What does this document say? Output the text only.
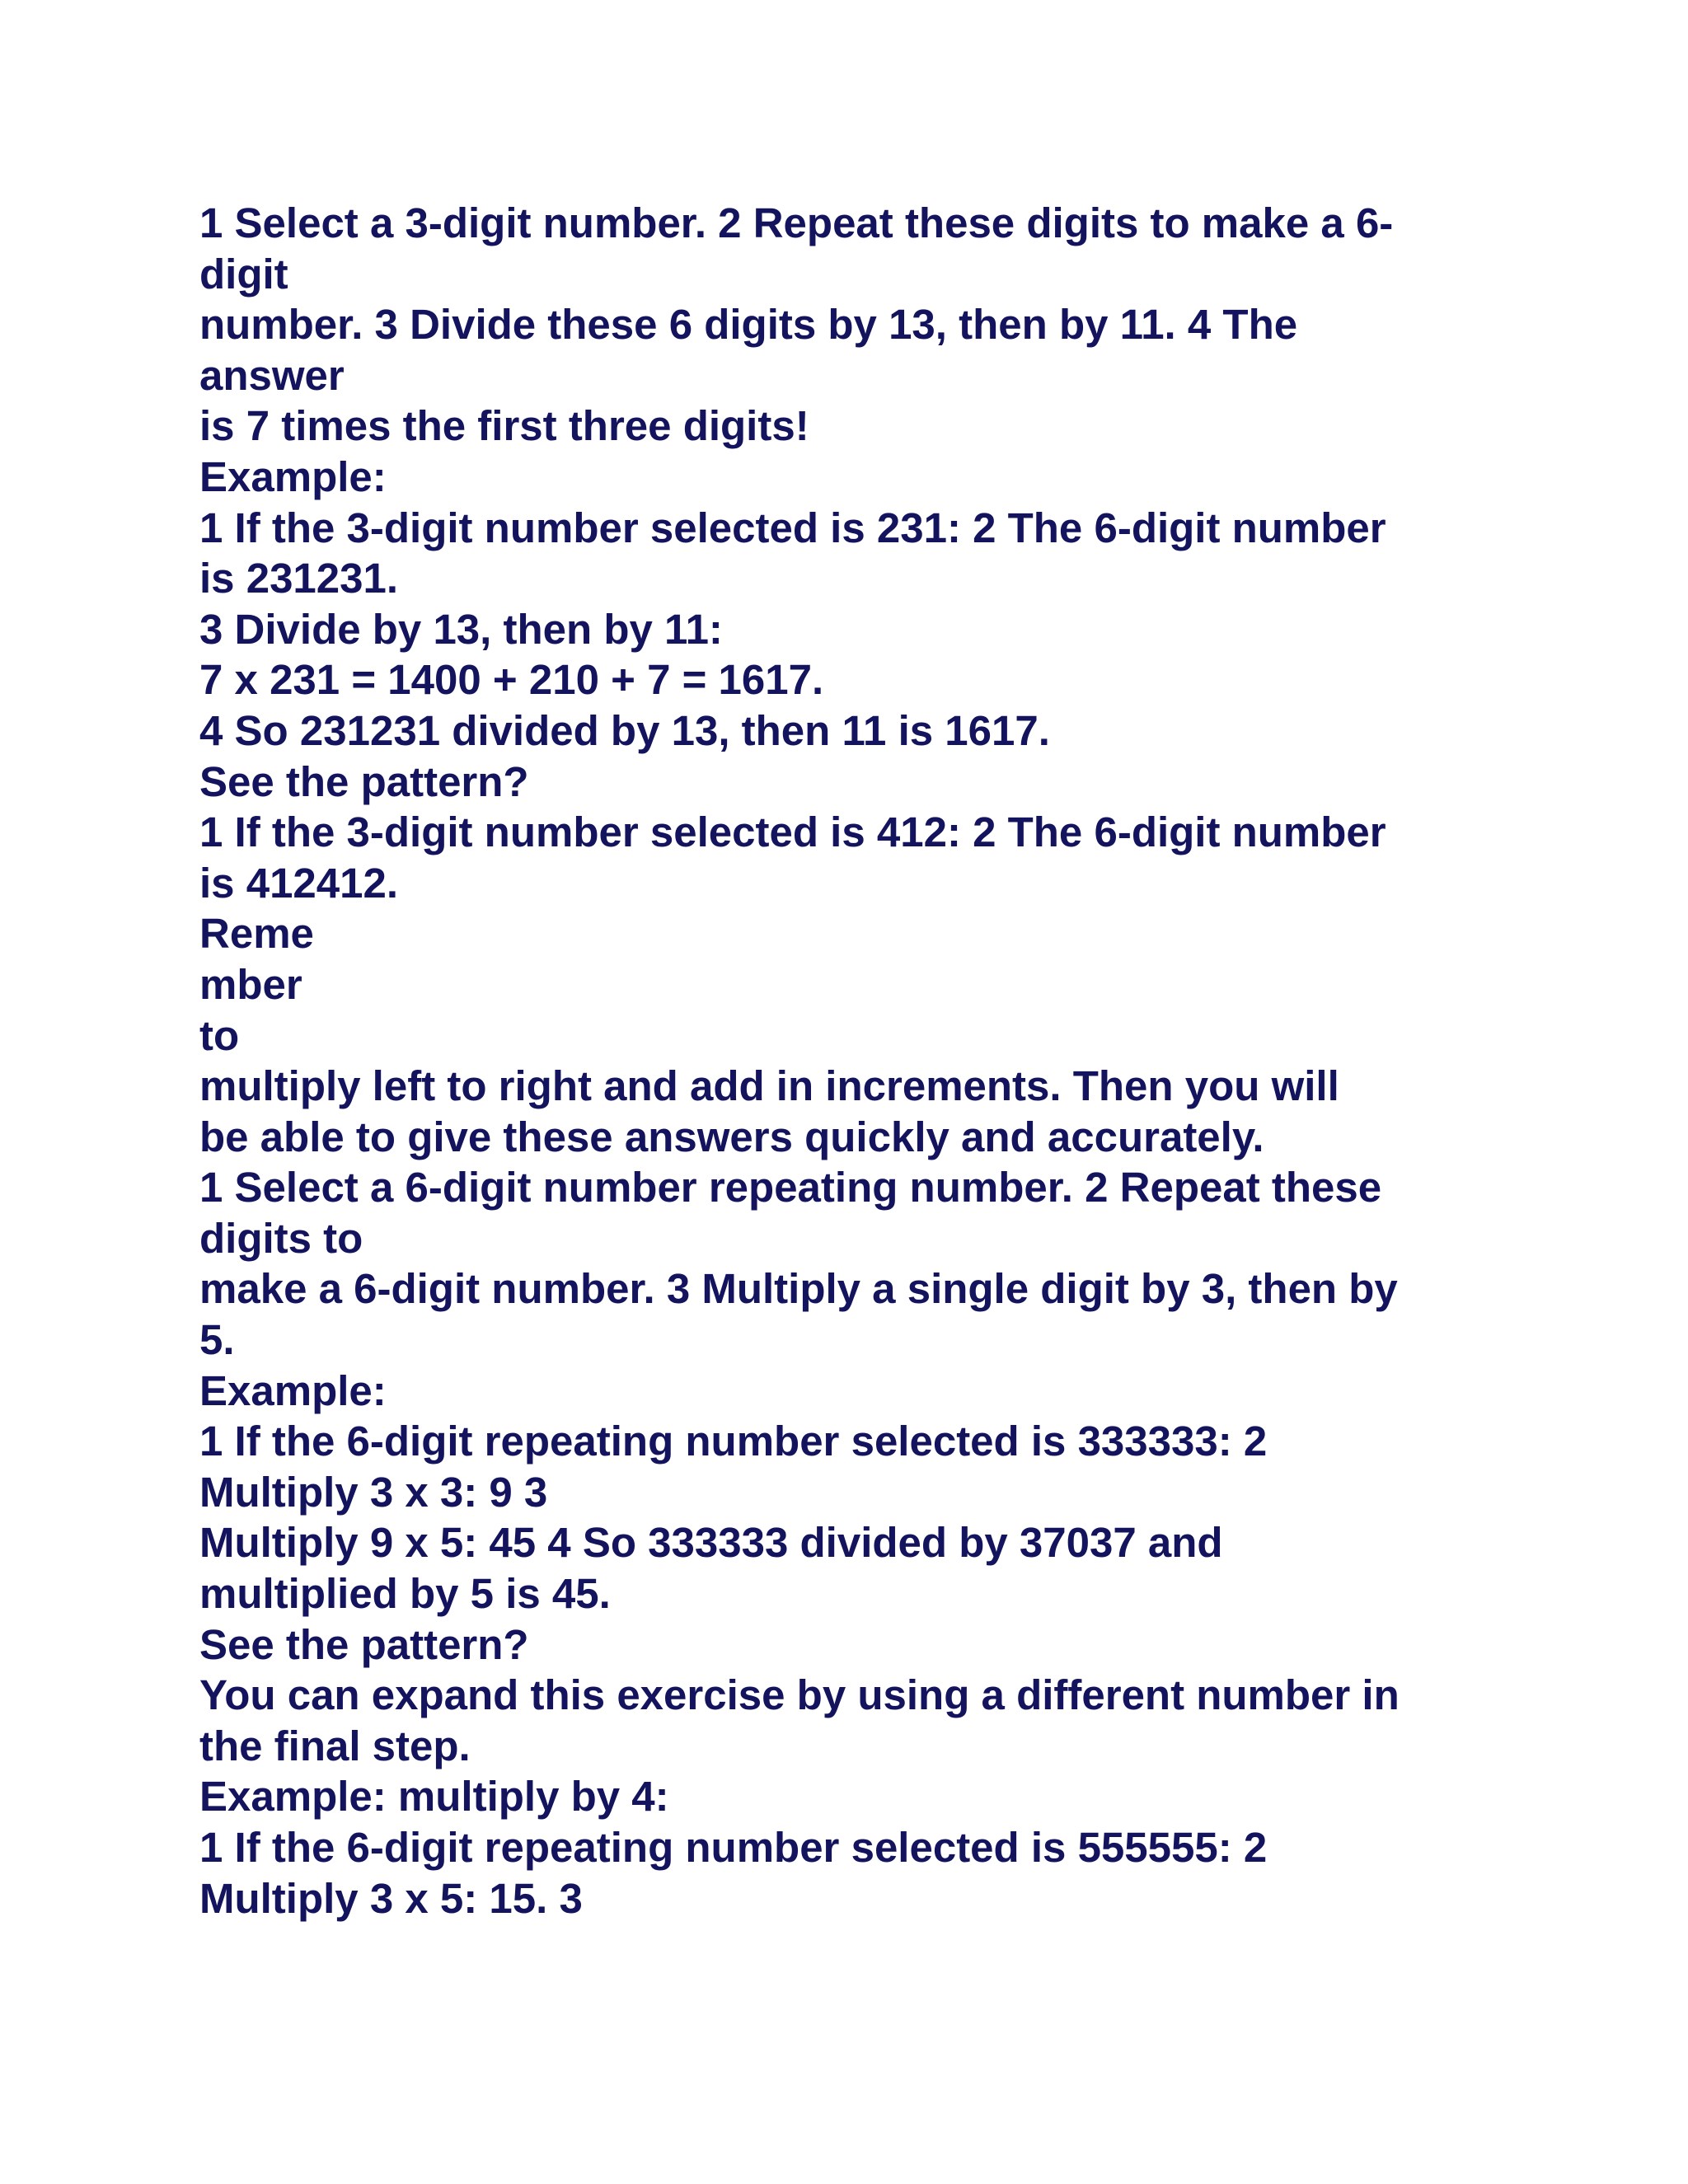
1 Select a 3-digit number. 2 Repeat these digits to make a 6-

digit

number. 3 Divide these 6 digits by 13, then by 11. 4 The

answer

is 7 times the first three digits!

Example:

1 If the 3-digit number selected is 231: 2 The 6-digit number

is 231231.

3 Divide by 13, then by 11:

7 x 231 = 1400 + 210 + 7 = 1617.

4 So 231231 divided by 13, then 11 is 1617.

See the pattern?

1 If the 3-digit number selected is 412: 2 The 6-digit number

is 412412.

Reme

mber

to

multiply left to right and add in increments. Then you will

be able to give these answers quickly and accurately.

1 Select a 6-digit number repeating number. 2 Repeat these

digits to

make a 6-digit number. 3 Multiply a single digit by 3, then by

5.

Example:

1 If the 6-digit repeating number selected is 333333: 2

Multiply 3 x 3: 9 3

Multiply 9 x 5: 45 4 So 333333 divided by 37037 and

multiplied by 5 is 45.

See the pattern?

You can expand this exercise by using a different number in

the final step.

Example: multiply by 4:

1 If the 6-digit repeating number selected is 555555: 2

Multiply 3 x 5: 15. 3
